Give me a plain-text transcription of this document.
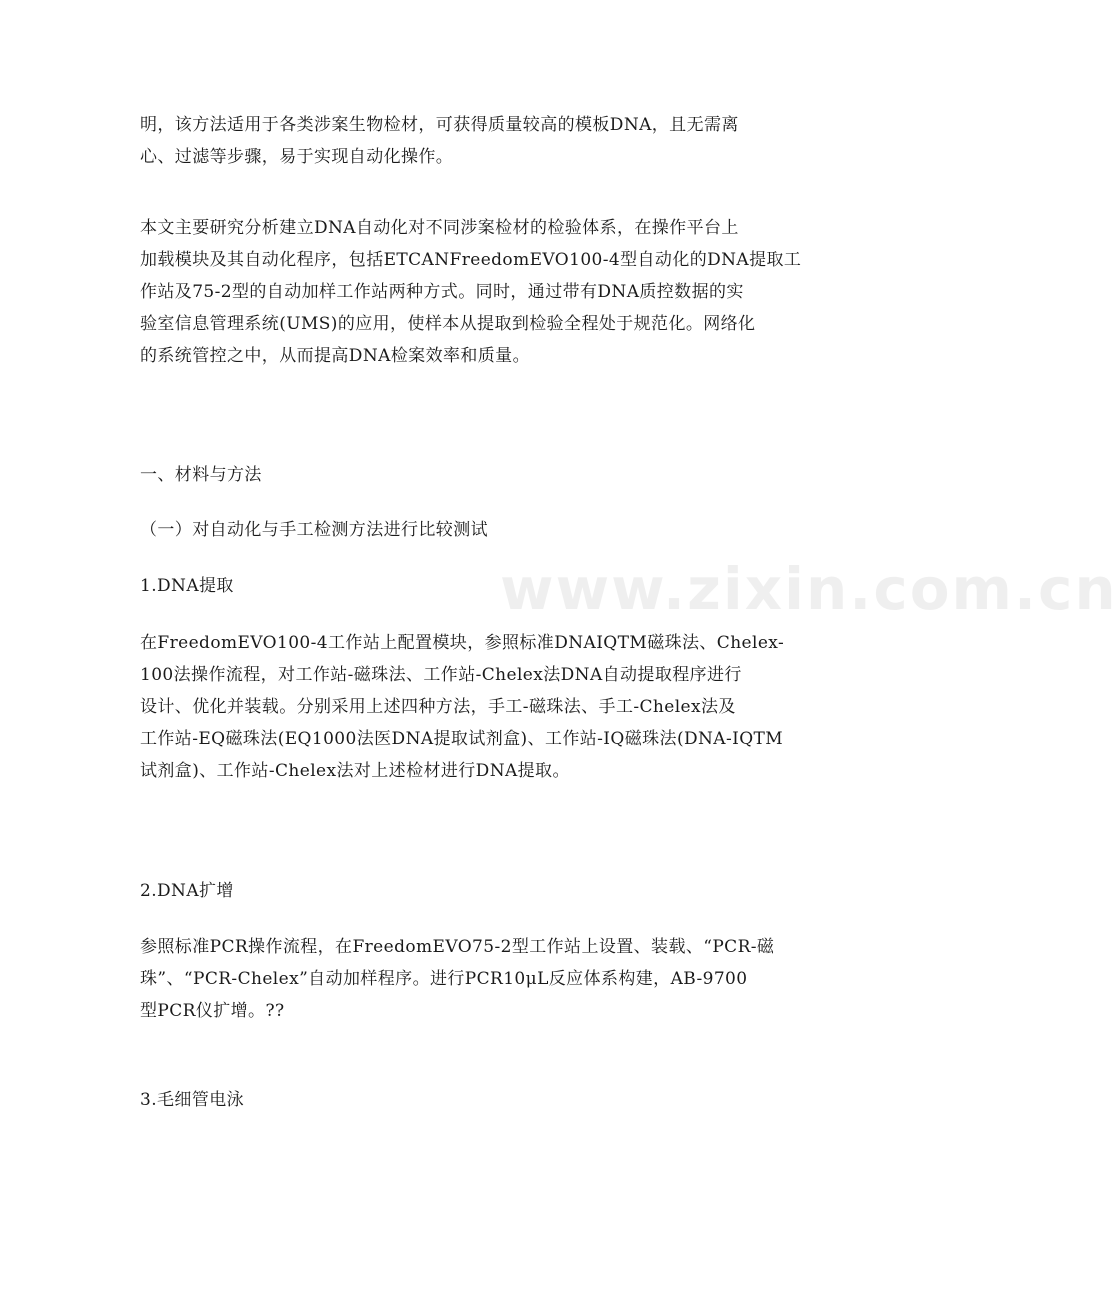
明，该方法适用于各类涉案生物检材，可获得质量较高的模板DNA，且无需离
心、过滤等步骤，易于实现自动化操作。

本文主要研究分析建立DNA自动化对不同涉案检材的检验体系，在操作平台上
加载模块及其自动化程序，包括ETCANFreedomEVO100-4型自动化的DNA提取工
作站及75-2型的自动加样工作站两种方式。同时，通过带有DNA质控数据的实
验室信息管理系统(UMS)的应用，使样本从提取到检验全程处于规范化。网络化
的系统管控之中，从而提高DNA检案效率和质量。

一、材料与方法
（一）对自动化与手工检测方法进行比较测试
1.DNA提取

在FreedomEVO100-4工作站上配置模块，参照标准DNAIQTM磁珠法、Chelex-
100法操作流程，对工作站-磁珠法、工作站-Chelex法DNA自动提取程序进行
设计、优化并装载。分别采用上述四种方法，手工-磁珠法、手工-Chelex法及
工作站-EQ磁珠法(EQ1000法医DNA提取试剂盒)、工作站-IQ磁珠法(DNA-IQTM
试剂盒)、工作站-Chelex法对上述检材进行DNA提取。

2.DNA扩增

参照标准PCR操作流程，在FreedomEVO75-2型工作站上设置、装载、“PCR-磁
珠”、“PCR-Chelex”自动加样程序。进行PCR10μL反应体系构建，AB-9700
型PCR仪扩增。??

3.毛细管电泳
www.zixin.com.cn
